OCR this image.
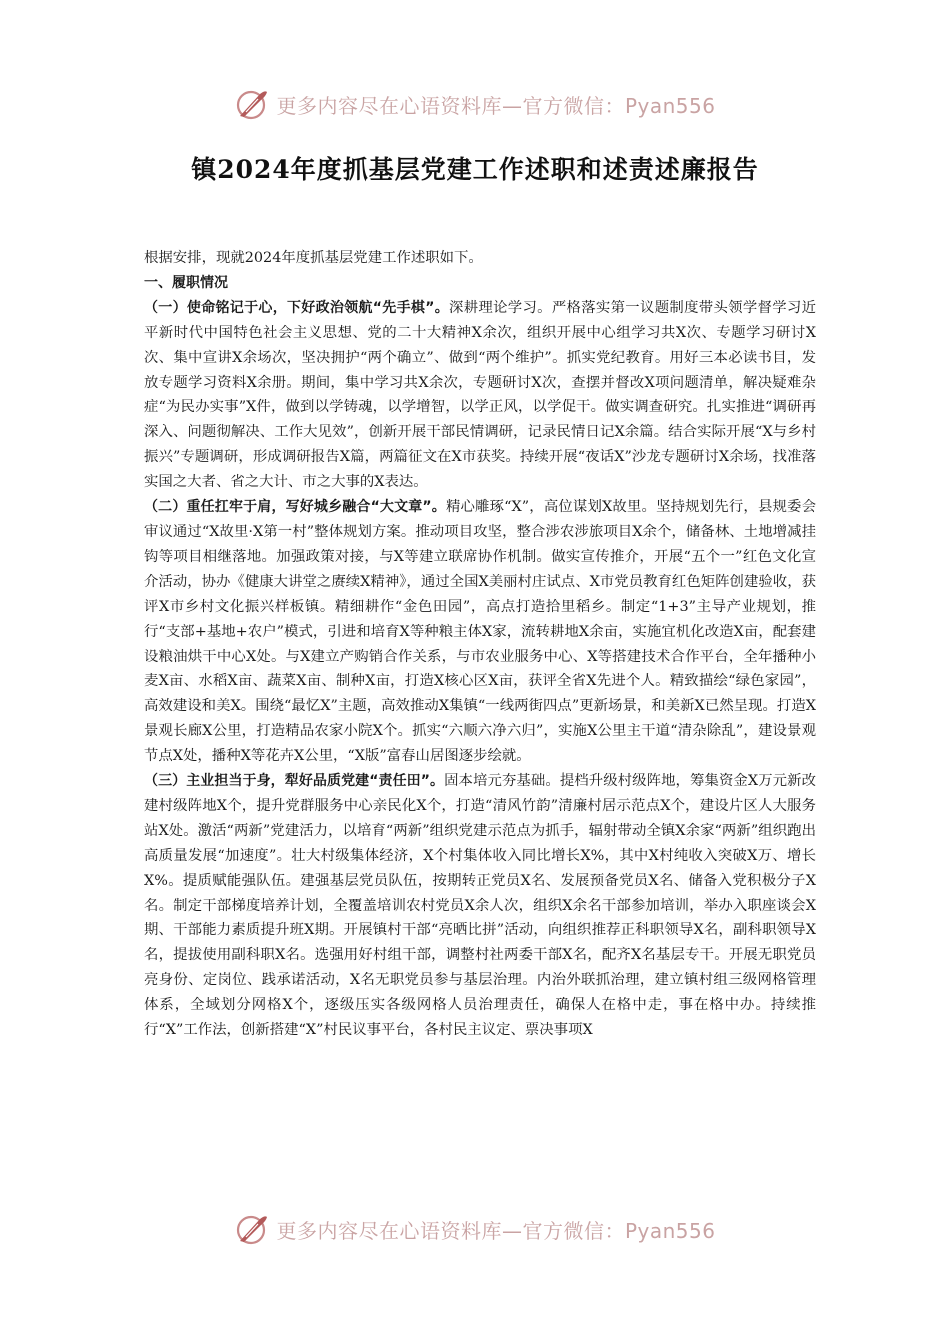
更多内容尽在心语资料库—官方微信：Pyan556
镇2024年度抓基层党建工作述职和述责述廉报告

根据安排，现就2024年度抓基层党建工作述职如下。

一、履职情况

（一）使命铭记于心，下好政治领航“先手棋”。深耕理论学习。严格落实第一议题制度带头领学督学习近平新时代中国特色社会主义思想、党的二十大精神X余次，组织开展中心组学习共X次、专题学习研讨X次、集中宣讲X余场次，坚决拥护“两个确立”、做到“两个维护”。抓实党纪教育。用好三本必读书目，发放专题学习资料X余册。期间，集中学习共X余次，专题研讨X次，查摆并督改X项问题清单，解决疑难杂症“为民办实事”X件，做到以学铸魂，以学增智，以学正风，以学促干。做实调查研究。扎实推进“调研再深入、问题彻解决、工作大见效”，创新开展干部民情调研，记录民情日记X余篇。结合实际开展“X与乡村振兴”专题调研，形成调研报告X篇，两篇征文在X市获奖。持续开展“夜话X”沙龙专题研讨X余场，找准落实国之大者、省之大计、市之大事的X表达。

（二）重任扛牢于肩，写好城乡融合“大文章”。精心雕琢“X”，高位谋划X故里。坚持规划先行，县规委会审议通过“X故里·X第一村”整体规划方案。推动项目攻坚，整合涉农涉旅项目X余个，储备林、土地增减挂钩等项目相继落地。加强政策对接，与X等建立联席协作机制。做实宣传推介，开展“五个一”红色文化宣介活动，协办《健康大讲堂之赓续X精神》，通过全国X美丽村庄试点、X市党员教育红色矩阵创建验收，获评X市乡村文化振兴样板镇。精细耕作“金色田园”，高点打造拾里稻乡。制定“1+3”主导产业规划，推行“支部+基地+农户”模式，引进和培育X等种粮主体X家，流转耕地X余亩，实施宜机化改造X亩，配套建设粮油烘干中心X处。与X建立产购销合作关系，与市农业服务中心、X等搭建技术合作平台，全年播种小麦X亩、水稻X亩、蔬菜X亩、制种X亩，打造X核心区X亩，获评全省X先进个人。精致描绘“绿色家园”，高效建设和美X。围绕“最忆X”主题，高效推动X集镇“一线两街四点”更新场景，和美新X已然呈现。打造X景观长廊X公里，打造精品农家小院X个。抓实“六顺六净六归”，实施X公里主干道“清杂除乱”，建设景观节点X处，播种X等花卉X公里，“X版”富春山居图逐步绘就。

（三）主业担当于身，犁好品质党建“责任田”。固本培元夯基础。提档升级村级阵地，筹集资金X万元新改建村级阵地X个，提升党群服务中心亲民化X个，打造“清风竹韵”清廉村居示范点X个，建设片区人大服务站X处。激活“两新”党建活力，以培育“两新”组织党建示范点为抓手，辐射带动全镇X余家“两新”组织跑出高质量发展“加速度”。壮大村级集体经济，X个村集体收入同比增长X%，其中X村纯收入突破X万、增长X%。提质赋能强队伍。建强基层党员队伍，按期转正党员X名、发展预备党员X名、储备入党积极分子X名。制定干部梯度培养计划，全覆盖培训农村党员X余人次，组织X余名干部参加培训，举办入职座谈会X期、干部能力素质提升班X期。开展镇村干部“亮晒比拼”活动，向组织推荐正科职领导X名，副科职领导X名，提拔使用副科职X名。选强用好村组干部，调整村社两委干部X名，配齐X名基层专干。开展无职党员亮身份、定岗位、践承诺活动，X名无职党员参与基层治理。内治外联抓治理，建立镇村组三级网格管理体系，全域划分网格X个，逐级压实各级网格人员治理责任，确保人在格中走，事在格中办。持续推行“X”工作法，创新搭建“X”村民议事平台，各村民主议定、票决事项X

更多内容尽在心语资料库—官方微信：Pyan556
